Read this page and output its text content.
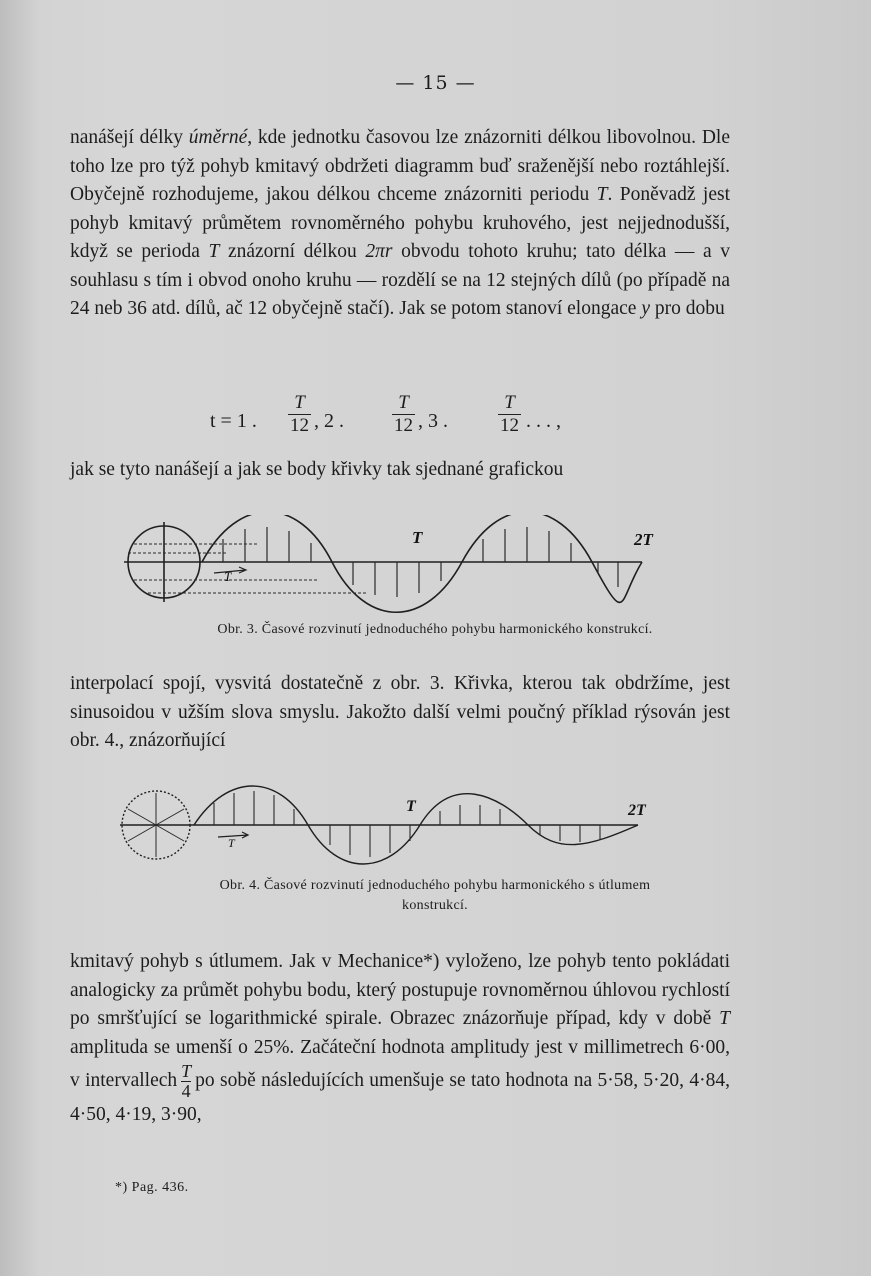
— 15 —

nanášejí délky úměrné, kde jednotku časovou lze znázorniti délkou libovolnou. Dle toho lze pro týž pohyb kmitavý obdržeti diagramm buď sraženější nebo roztáhlejší. Obyčejně rozhodujeme, jakou délkou chceme znázorniti periodu T. Poněvadž jest pohyb kmitavý průmětem rovnoměrného pohybu kruhového, jest nejjednodušší, když se perioda T znázorní délkou 2πr obvodu tohoto kruhu; tato délka — a v souhlasu s tím i obvod onoho kruhu — rozdělí se na 12 stejných dílů (po případě na 24 neb 36 atd. dílů, ač 12 obyčejně stačí). Jak se potom stanoví elongace y pro dobu

t = 1 . $\frac{T}{12}$ , 2 .	$\frac{T}{12}$ , 3 .	$\frac{T}{12}$ . . . ,

jak se tyto nanášejí a jak se body křivky tak sjednané grafickou

T	2T
T
Obr. 3. Časové rozvinutí jednoduchého pohybu harmonického konstrukcí.

interpolací spojí, vysvitá dostatečně z obr. 3. Křivka, kterou tak obdržíme, jest sinusoidou v užším slova smyslu. Jakožto další velmi poučný příklad rýsován jest obr. 4., znázorňující

T	2T
T
Obr. 4. Časové rozvinutí jednoduchého pohybu harmonického s útlumem
konstrukcí.

kmitavý pohyb s útlumem. Jak v Mechanice*) vyloženo, lze pohyb tento pokládati analogicky za průmět pohybu bodu, který postupuje rovnoměrnou úhlovou rychlostí po smršťující se logarithmické spirale. Obrazec znázorňuje případ, kdy v době T amplituda se umenší o 25%. Začáteční hodnota amplitudy jest v millimetrech 6·00, v intervallech $\frac{T}{4}$ po sobě následujících umenšuje se tato hodnota na 5·58, 5·20, 4·84, 4·50, 4·19, 3·90,

*) Pag. 436.
